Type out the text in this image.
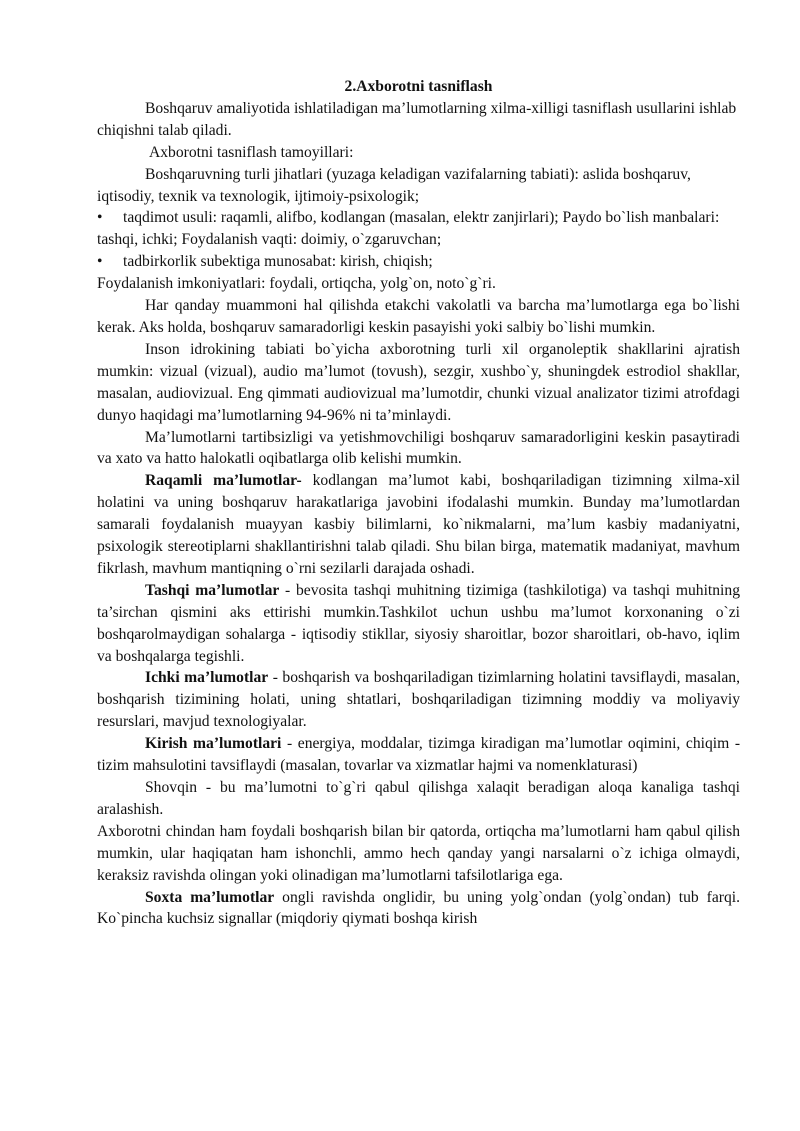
2.Axborotni tasniflash

Boshqaruv amaliyotida ishlatiladigan ma’lumotlarning xilma-xilligi tasniflash usullarini ishlab chiqishni talab qiladi.

Axborotni tasniflash tamoyillari:

Boshqaruvning turli jihatlari (yuzaga keladigan vazifalarning tabiati): aslida boshqaruv, iqtisodiy, texnik va texnologik, ijtimoiy-psixologik;

• taqdimot usuli: raqamli, alifbo, kodlangan (masalan, elektr zanjirlari); Paydo bo`lish manbalari: tashqi, ichki; Foydalanish vaqti: doimiy, o`zgaruvchan;

• tadbirkorlik subektiga munosabat: kirish, chiqish;

Foydalanish imkoniyatlari: foydali, ortiqcha, yolg`on, noto`g`ri.

Har qanday muammoni hal qilishda etakchi vakolatli va barcha ma’lumotlarga ega bo`lishi kerak. Aks holda, boshqaruv samaradorligi keskin pasayishi yoki salbiy bo`lishi mumkin.

Inson idrokining tabiati bo`yicha axborotning turli xil organoleptik shakllarini ajratish mumkin: vizual (vizual), audio ma’lumot (tovush), sezgir, xushbo`y, shuningdek estrodiol shakllar, masalan, audiovizual. Eng qimmati audiovizual ma’lumotdir, chunki vizual analizator tizimi atrofdagi dunyo haqidagi ma’lumotlarning 94-96% ni ta’minlaydi.

Ma’lumotlarni tartibsizligi va yetishmovchiligi boshqaruv samaradorligini keskin pasaytiradi va xato va hatto halokatli oqibatlarga olib kelishi mumkin.

Raqamli ma’lumotlar- kodlangan ma’lumot kabi, boshqariladigan tizimning xilma-xil holatini va uning boshqaruv harakatlariga javobini ifodalashi mumkin. Bunday ma’lumotlardan samarali foydalanish muayyan kasbiy bilimlarni, ko`nikmalarni, ma’lum kasbiy madaniyatni, psixologik stereotiplarni shakllantirishni talab qiladi. Shu bilan birga, matematik madaniyat, mavhum fikrlash, mavhum mantiqning o`rni sezilarli darajada oshadi.

Tashqi ma’lumotlar - bevosita tashqi muhitning tizimiga (tashkilotiga) va tashqi muhitning ta’sirchan qismini aks ettirishi mumkin.Tashkilot uchun ushbu ma’lumot korxonaning o`zi boshqarolmaydigan sohalarga - iqtisodiy stikllar, siyosiy sharoitlar, bozor sharoitlari, ob-havo, iqlim va boshqalarga tegishli.

Ichki ma’lumotlar - boshqarish va boshqariladigan tizimlarning holatini tavsiflaydi, masalan, boshqarish tizimining holati, uning shtatlari, boshqariladigan tizimning moddiy va moliyaviy resurslari, mavjud texnologiyalar.

Kirish ma’lumotlari - energiya, moddalar, tizimga kiradigan ma’lumotlar oqimini, chiqim - tizim mahsulotini tavsiflaydi (masalan, tovarlar va xizmatlar hajmi va nomenklaturasi)

Shovqin - bu ma’lumotni to`g`ri qabul qilishga xalaqit beradigan aloqa kanaliga tashqi aralashish.

Axborotni chindan ham foydali boshqarish bilan bir qatorda, ortiqcha ma’lumotlarni ham qabul qilish mumkin, ular haqiqatan ham ishonchli, ammo hech qanday yangi narsalarni o`z ichiga olmaydi, keraksiz ravishda olingan yoki olinadigan ma’lumotlarni tafsilotlariga ega.

Soxta ma’lumotlar ongli ravishda onglidir, bu uning yolg`ondan (yolg`ondan) tub farqi. Ko`pincha kuchsiz signallar (miqdoriy qiymati boshqa kirish
